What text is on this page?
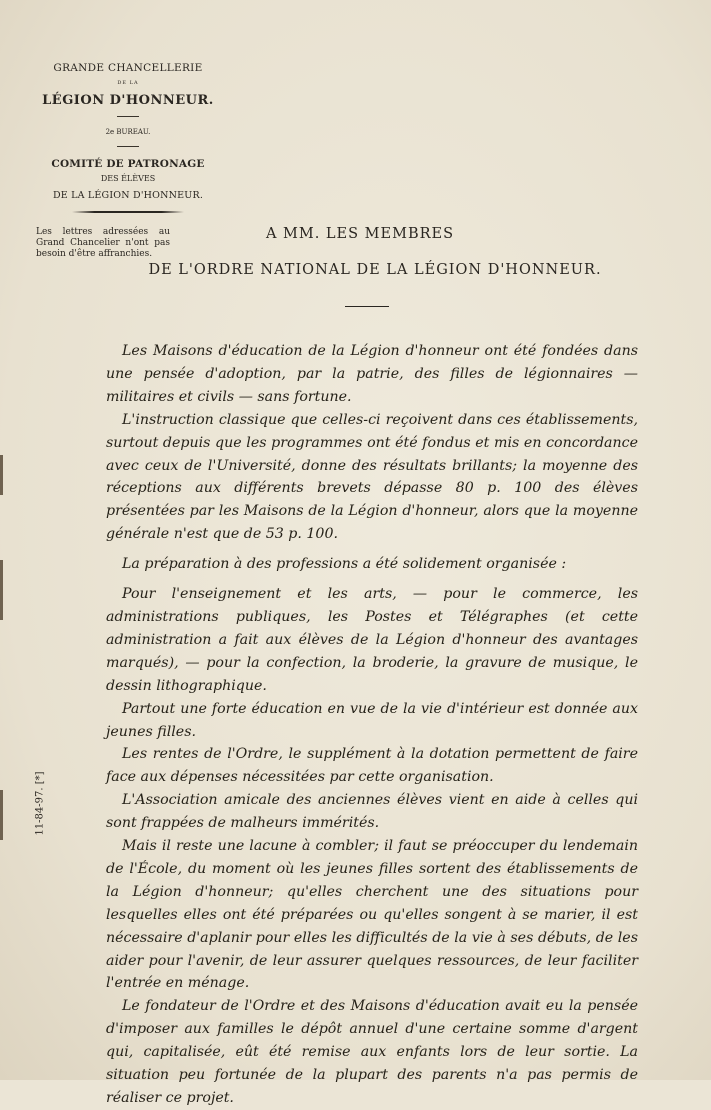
GRANDE CHANCELLERIE
DE LA
LÉGION D'HONNEUR.
2e BUREAU.
COMITÉ DE PATRONAGE
DES ÉLÈVES
DE LA LÉGION D'HONNEUR.
Les lettres adressées au Grand Chancelier n'ont pas besoin d'être affranchies.
A MM. LES MEMBRES
DE L'ORDRE NATIONAL DE LA LÉGION D'HONNEUR.

Les Maisons d'éducation de la Légion d'honneur ont été fondées dans une pensée d'adoption, par la patrie, des filles de légionnaires — militaires et civils — sans fortune.

L'instruction classique que celles-ci reçoivent dans ces établissements, surtout depuis que les programmes ont été fondus et mis en concordance avec ceux de l'Université, donne des résultats brillants; la moyenne des réceptions aux différents brevets dépasse 80 p. 100 des élèves présentées par les Maisons de la Légion d'honneur, alors que la moyenne générale n'est que de 53 p. 100.

La préparation à des professions a été solidement organisée :

Pour l'enseignement et les arts, — pour le commerce, les administrations publiques, les Postes et Télégraphes (et cette administration a fait aux élèves de la Légion d'honneur des avantages marqués), — pour la confection, la broderie, la gravure de musique, le dessin lithographique.

Partout une forte éducation en vue de la vie d'intérieur est donnée aux jeunes filles.

Les rentes de l'Ordre, le supplément à la dotation permettent de faire face aux dépenses nécessitées par cette organisation.

L'Association amicale des anciennes élèves vient en aide à celles qui sont frappées de malheurs immérités.

Mais il reste une lacune à combler; il faut se préoccuper du lendemain de l'École, du moment où les jeunes filles sortent des établissements de la Légion d'honneur; qu'elles cherchent une des situations pour lesquelles elles ont été préparées ou qu'elles songent à se marier, il est nécessaire d'aplanir pour elles les difficultés de la vie à ses débuts, de les aider pour l'avenir, de leur assurer quelques ressources, de leur faciliter l'entrée en ménage.

Le fondateur de l'Ordre et des Maisons d'éducation avait eu la pensée d'imposer aux familles le dépôt annuel d'une certaine somme d'argent qui, capitalisée, eût été remise aux enfants lors de leur sortie. La situation peu fortunée de la plupart des parents n'a pas permis de réaliser ce projet.

11-84-97. [*]
